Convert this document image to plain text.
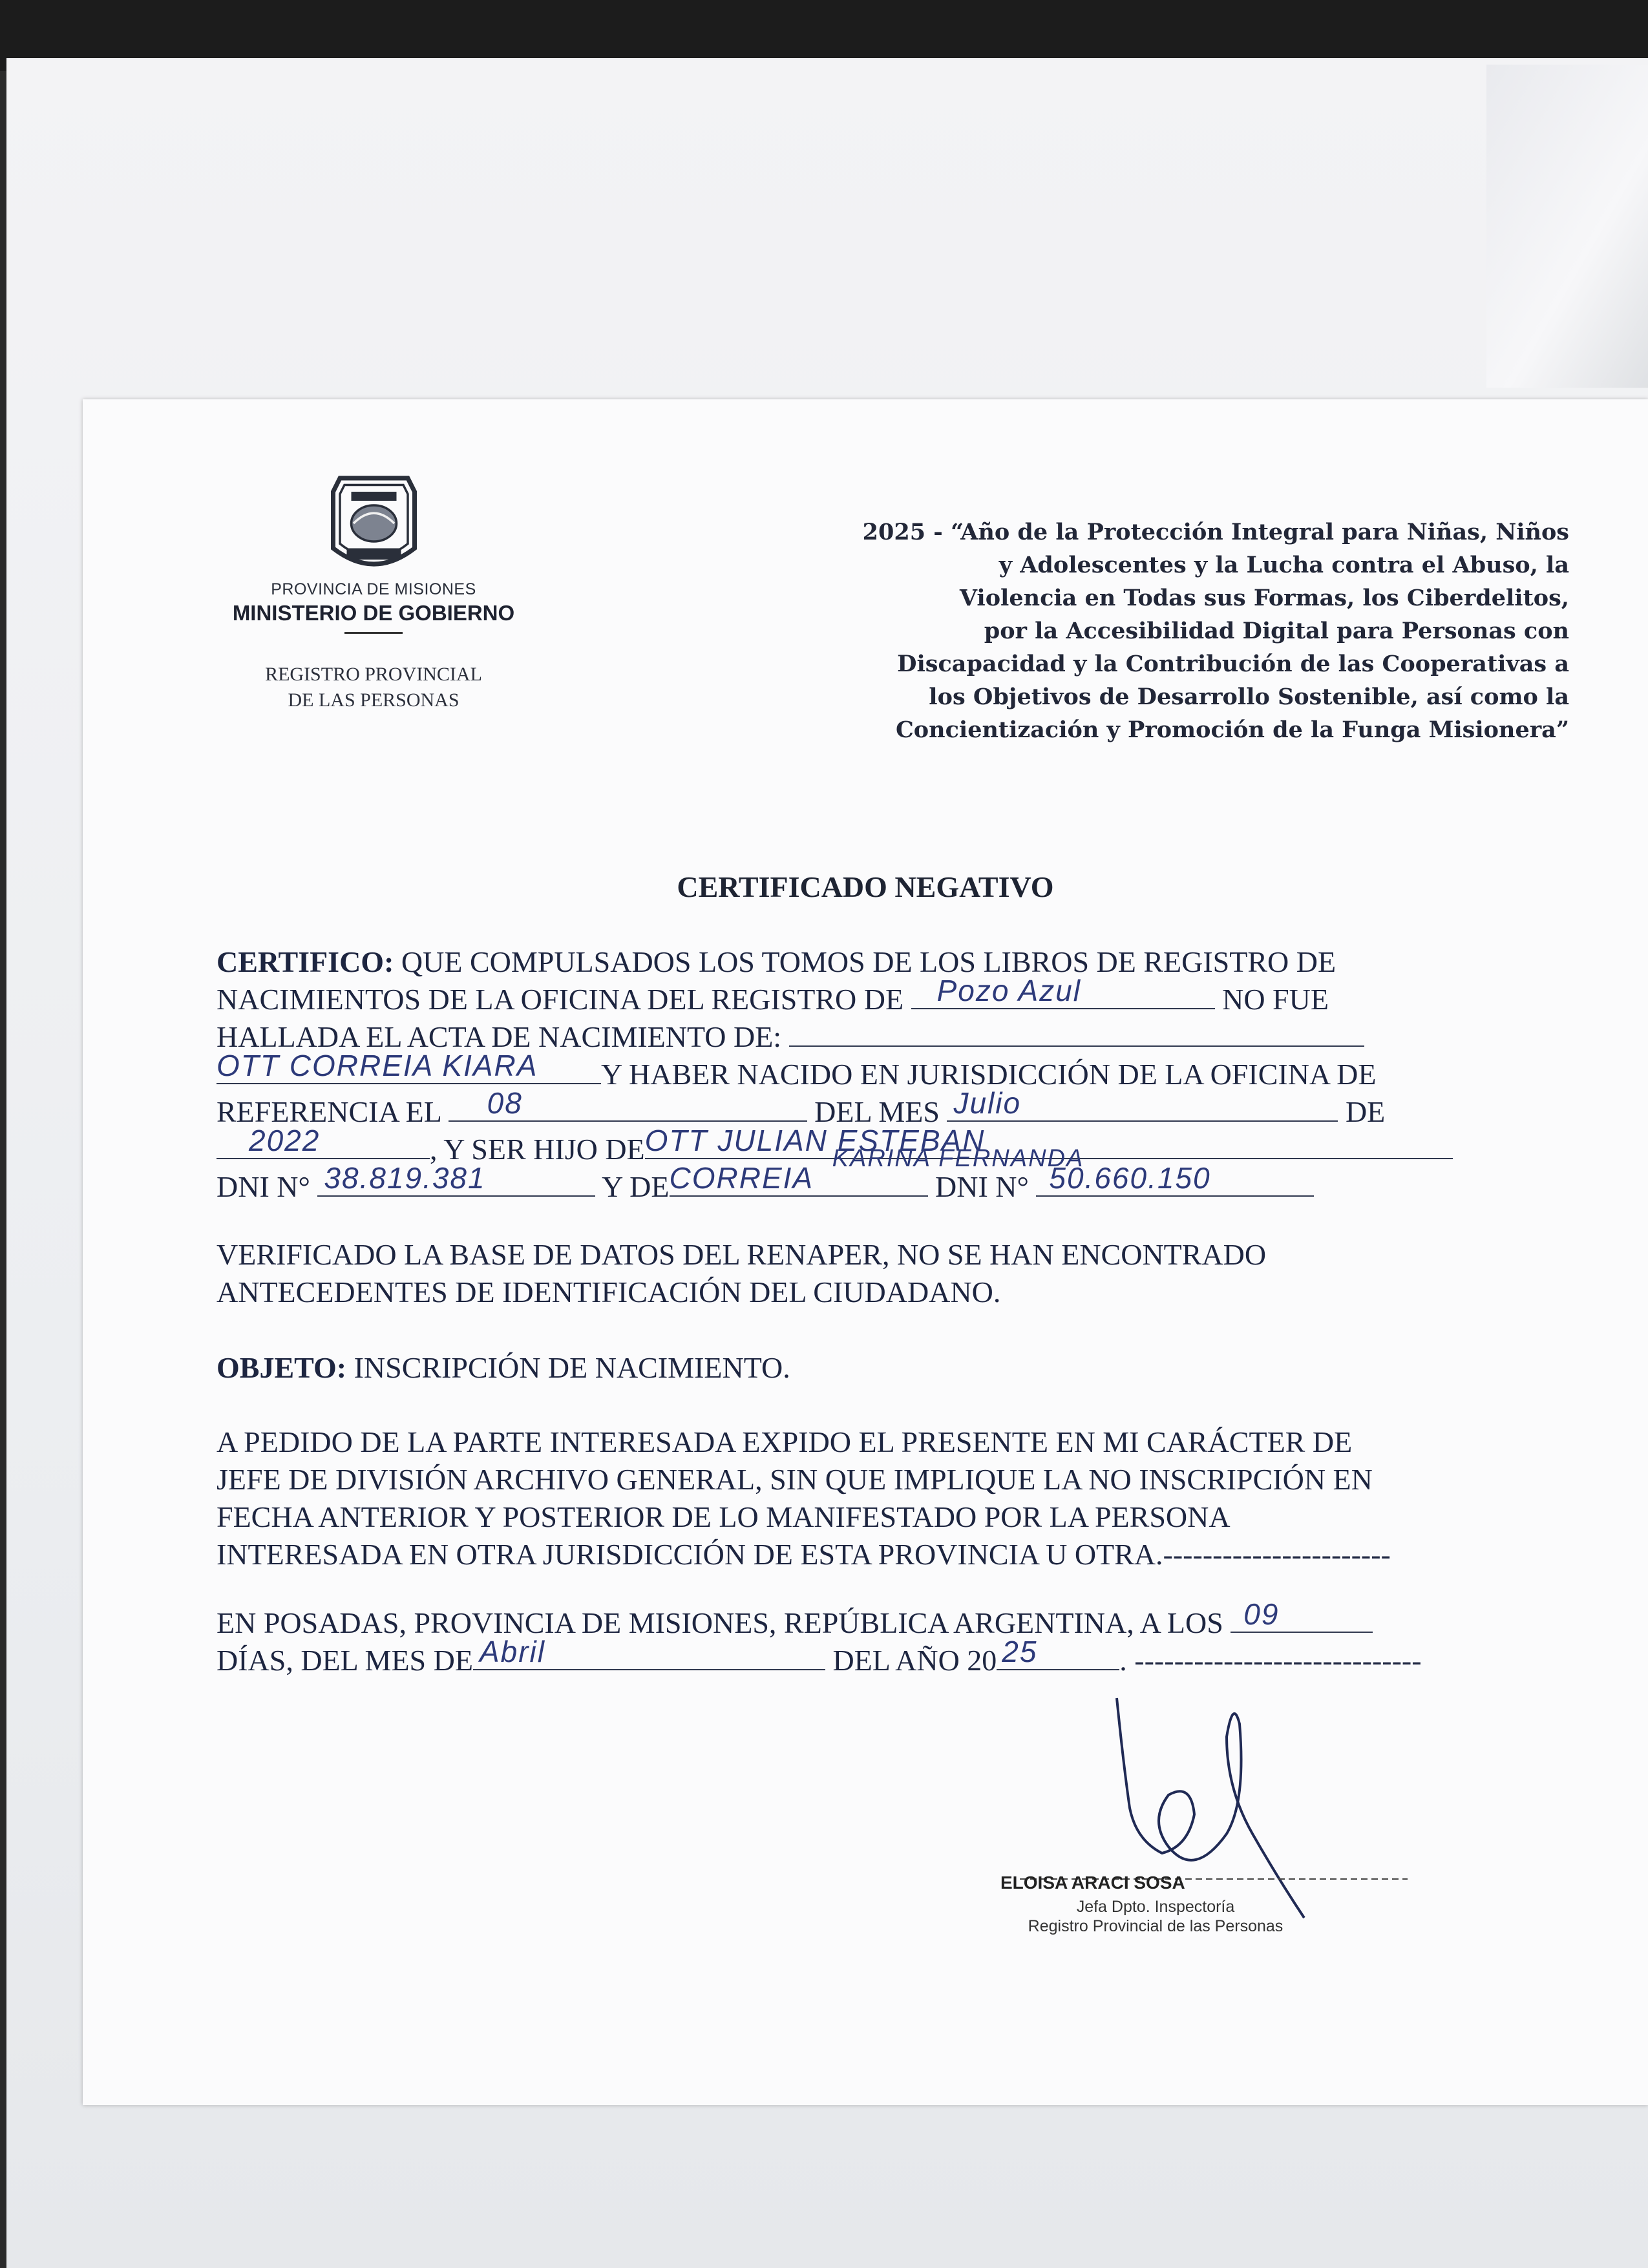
PROVINCIA DE MISIONES
MINISTERIO DE GOBIERNO
REGISTRO PROVINCIAL
DE LAS PERSONAS
2025 - “Año de la Protección Integral para Niñas, Niños
y Adolescentes y la Lucha contra el Abuso, la
Violencia en Todas sus Formas, los Ciberdelitos,
por la Accesibilidad Digital para Personas con
Discapacidad y la Contribución de las Cooperativas a
los Objetivos de Desarrollo Sostenible, así como la
Concientización y Promoción de la Funga Misionera”
CERTIFICADO NEGATIVO
CERTIFICO: QUE COMPULSADOS LOS TOMOS DE LOS LIBROS DE REGISTRO DE
NACIMIENTOS DE LA OFICINA DEL REGISTRO DE Pozo Azul	NO FUE
HALLADA EL ACTA DE NACIMIENTO DE:
OTT CORREIA KIARA Y HABER NACIDO EN JURISDICCIÓN DE LA OFICINA DE
REFERENCIA EL 08	DEL MES Julio	DE
2022	, Y SER HIJO DE OTT JULIAN ESTEBAN
KARINA FERNANDA
DNI N° 38.819.381	Y DE CORREIA	DNI N° 50.660.150
VERIFICADO LA BASE DE DATOS DEL RENAPER, NO SE HAN ENCONTRADO
ANTECEDENTES DE IDENTIFICACIÓN DEL CIUDADANO.
OBJETO: INSCRIPCIÓN DE NACIMIENTO.
A PEDIDO DE LA PARTE INTERESADA EXPIDO EL PRESENTE EN MI CARÁCTER DE
JEFE DE DIVISIÓN ARCHIVO GENERAL, SIN QUE IMPLIQUE LA NO INSCRIPCIÓN EN
FECHA ANTERIOR Y POSTERIOR DE LO MANIFESTADO POR LA PERSONA
INTERESADA EN OTRA JURISDICCIÓN DE ESTA PROVINCIA U OTRA.-----------------------
EN POSADAS, PROVINCIA DE MISIONES, REPÚBLICA ARGENTINA, A LOS 09
DÍAS, DEL MES DE Abril	DEL AÑO 20 25	. -----------------------------
ELOISA ARACI SOSA
Jefa Dpto. Inspectoría
Registro Provincial de las Personas
